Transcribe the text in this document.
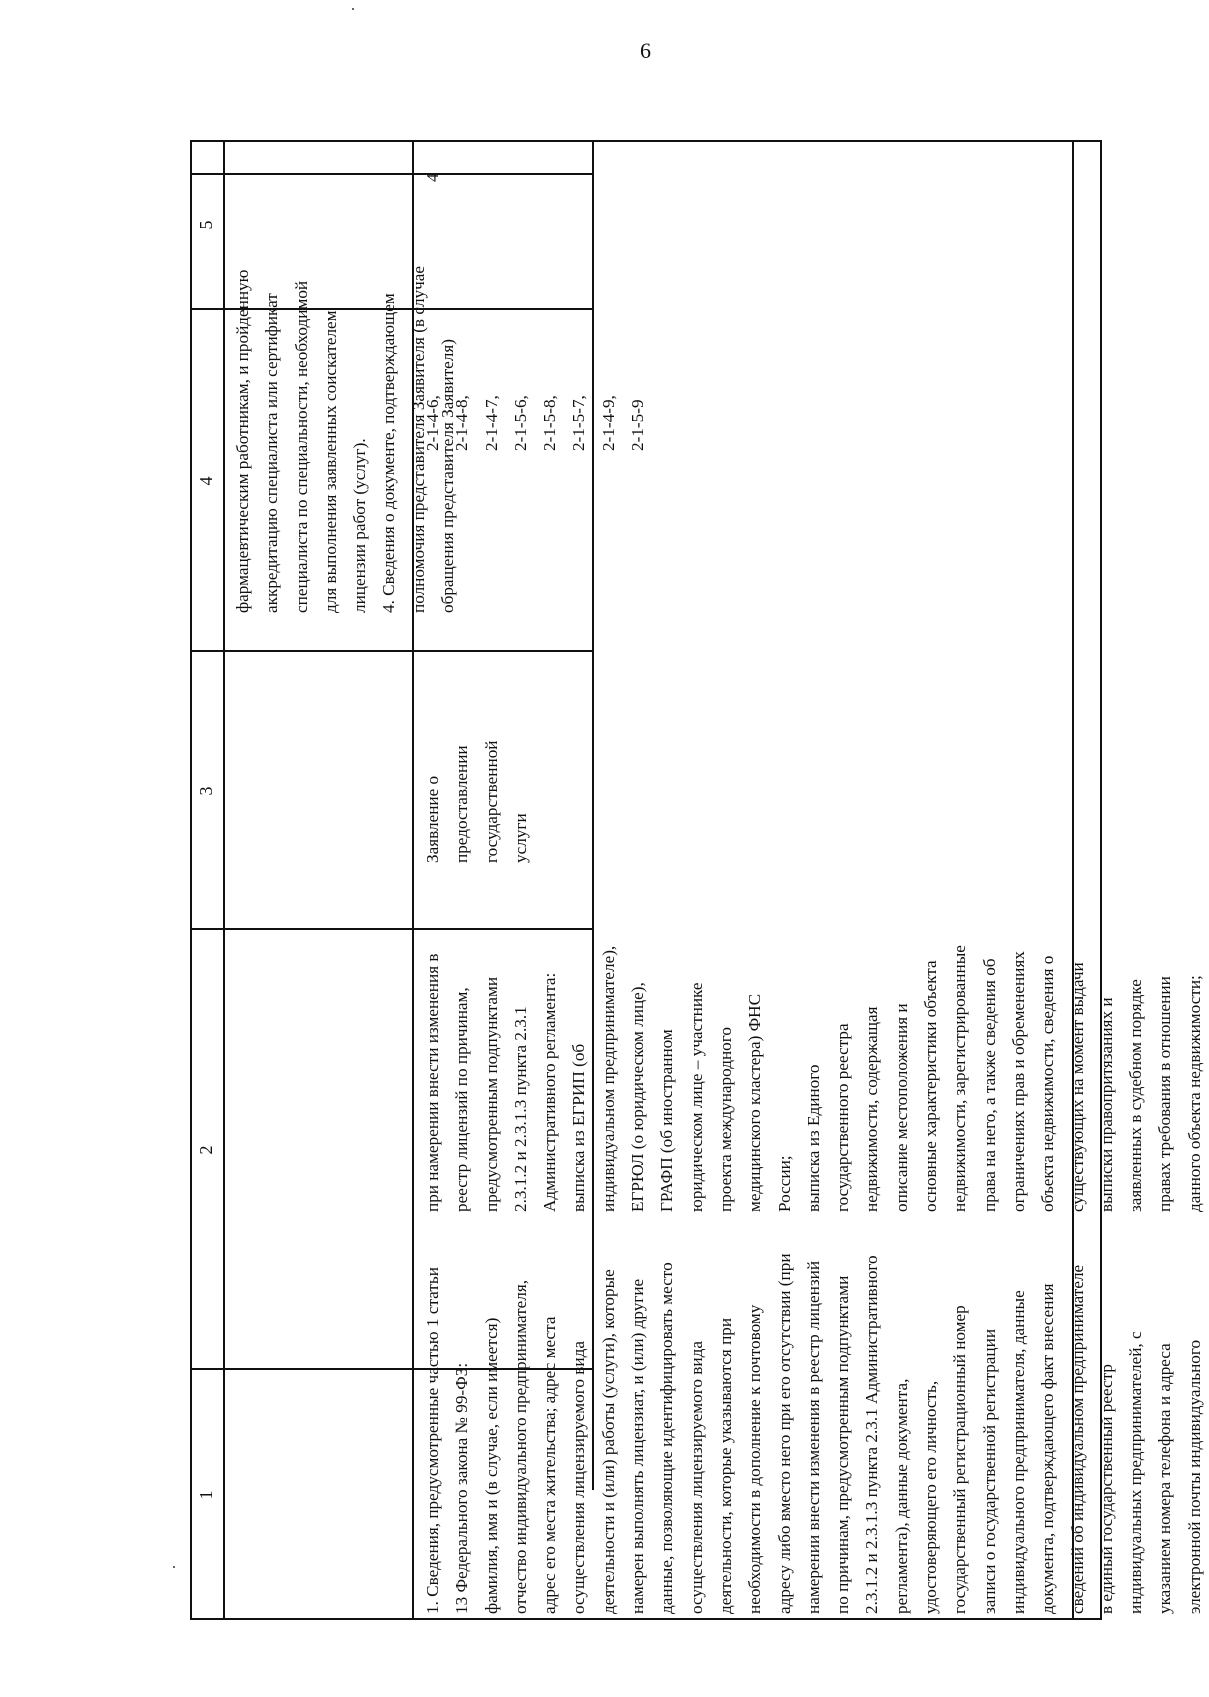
6
1
2
3
4
5
фармацевтическим работникам, и пройденную
аккредитацию специалиста или сертификат
специалиста по специальности, необходимой
для выполнения заявленных соискателем
лицензии работ (услуг).
4. Сведения о документе, подтверждающем
полномочия представителя Заявителя (в случае
обращения представителя Заявителя)
4
2-1-4-6,
2-1-4-8,
2-1-4-7,
2-1-5-6,
2-1-5-8,
2-1-5-7,
2-1-4-9,
2-1-5-9
Заявление о
предоставлении
государственной
услуги
при намерении внести изменения в
реестр лицензий по причинам,
предусмотренным подпунктами
2.3.1.2 и 2.3.1.3 пункта 2.3.1
Административного регламента:
выписка из ЕГРИП (об
индивидуальном предпринимателе),
ЕГРЮЛ (о юридическом лице),
ГРАФП (об иностранном
юридическом лице – участнике
проекта международного
медицинского кластера) ФНС
России;
выписка из Единого
государственного реестра
недвижимости, содержащая
описание местоположения и
основные характеристики объекта
недвижимости, зарегистрированные
права на него, а также сведения об
ограничениях прав и обременениях
объекта недвижимости, сведения о
существующих на момент выдачи
выписки правопритязаниях и
заявленных в судебном порядке
правах требования в отношении
данного объекта недвижимости;
1. Сведения, предусмотренные частью 1 статьи
13 Федерального закона № 99-ФЗ:
фамилия, имя и (в случае, если имеется)
отчество индивидуального предпринимателя,
адрес его места жительства; адрес места
осуществления лицензируемого вида
деятельности и (или) работы (услуги), которые
намерен выполнять лицензиат, и (или) другие
данные, позволяющие идентифицировать место
осуществления лицензируемого вида
деятельности, которые указываются при
необходимости в дополнение к почтовому
адресу либо вместо него при его отсутствии (при
намерении внести изменения в реестр лицензий
по причинам, предусмотренным подпунктами
2.3.1.2 и 2.3.1.3 пункта 2.3.1 Административного
регламента), данные документа,
удостоверяющего его личность,
государственный регистрационный номер
записи о государственной регистрации
индивидуального предпринимателя, данные
документа, подтверждающего факт внесения
сведений об индивидуальном предпринимателе
в единый государственный реестр
индивидуальных предпринимателей, с
указанием номера телефона и адреса
электронной почты индивидуального
